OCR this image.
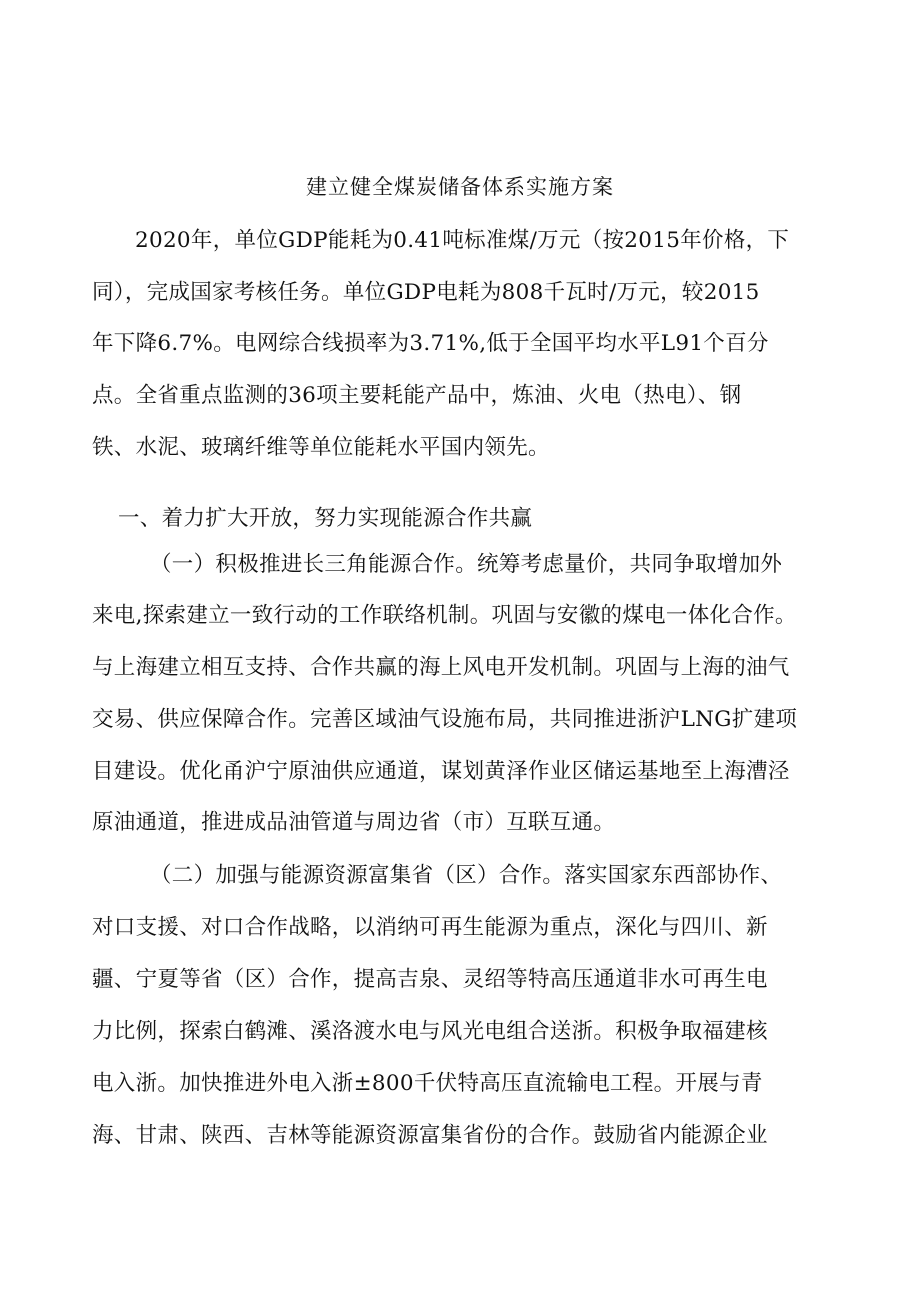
建立健全煤炭储备体系实施方案
2020年，单位GDP能耗为0.41吨标准煤/万元（按2015年价格，下
同），完成国家考核任务。单位GDP电耗为808千瓦时/万元，较2015
年下降6.7%。电网综合线损率为3.71%,低于全国平均水平L91个百分
点。全省重点监测的36项主要耗能产品中，炼油、火电（热电）、钢
铁、水泥、玻璃纤维等单位能耗水平国内领先。
一、着力扩大开放，努力实现能源合作共赢
（一）积极推进长三角能源合作。统筹考虑量价，共同争取增加外
来电,探索建立一致行动的工作联络机制。巩固与安徽的煤电一体化合作。
与上海建立相互支持、合作共赢的海上风电开发机制。巩固与上海的油气
交易、供应保障合作。完善区域油气设施布局，共同推进浙沪LNG扩建项
目建设。优化甬沪宁原油供应通道，谋划黄泽作业区储运基地至上海漕泾
原油通道，推进成品油管道与周边省（市）互联互通。
（二）加强与能源资源富集省（区）合作。落实国家东西部协作、
对口支援、对口合作战略，以消纳可再生能源为重点，深化与四川、新
疆、宁夏等省（区）合作，提高吉泉、灵绍等特高压通道非水可再生电
力比例，探索白鹤滩、溪洛渡水电与风光电组合送浙。积极争取福建核
电入浙。加快推进外电入浙±800千伏特高压直流输电工程。开展与青
海、甘肃、陕西、吉林等能源资源富集省份的合作。鼓励省内能源企业
